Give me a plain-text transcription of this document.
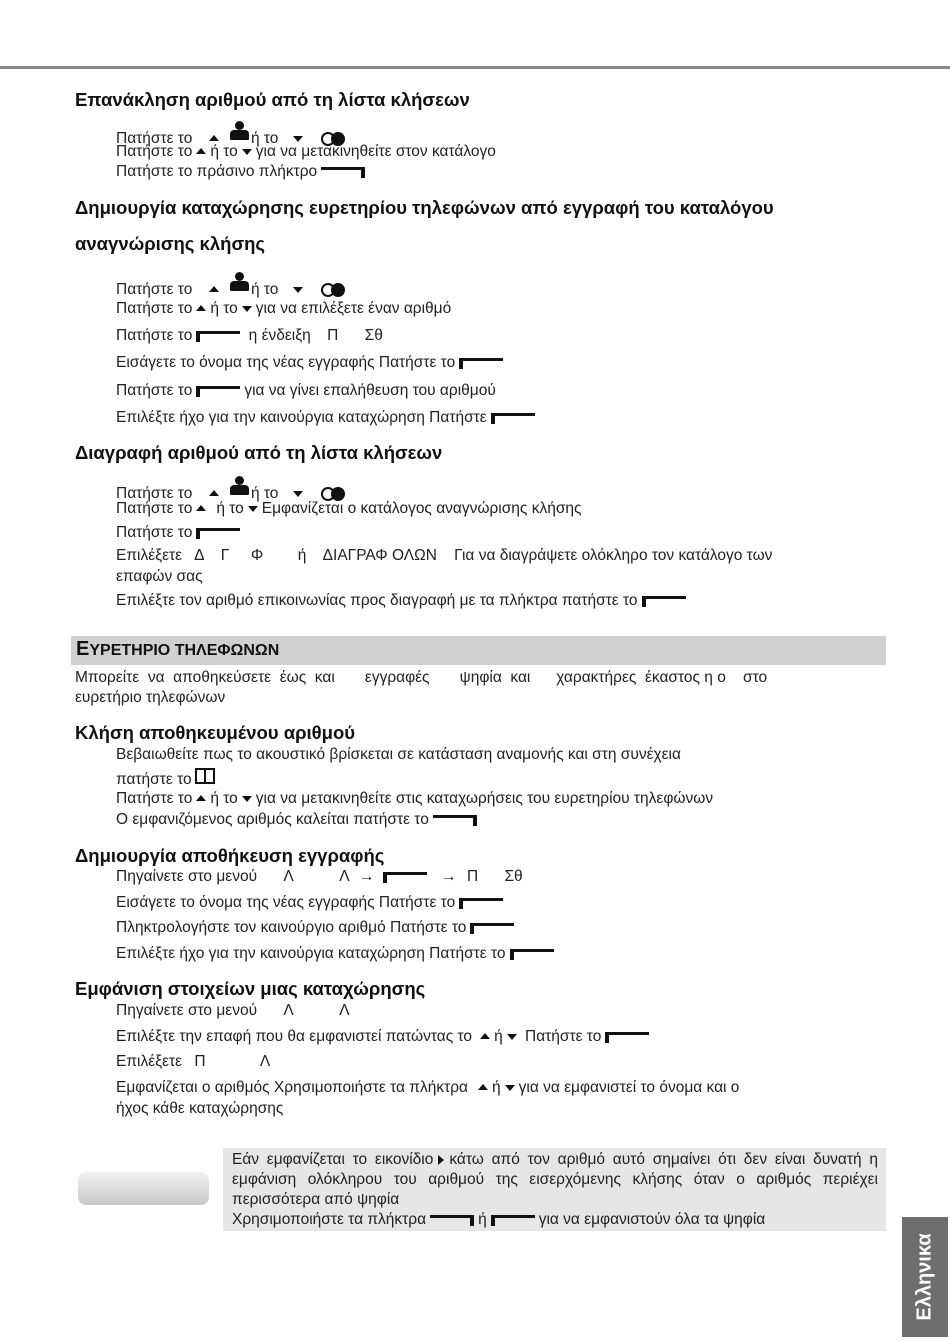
Επανάκληση αριθμού από τη λίστα κλήσεων
Πατήστε το	ή το
Πατήστε το ή το για να μετακινηθείτε στον κατάλογο
Πατήστε το πράσινο πλήκτρο
Δημιουργία καταχώρησης ευρετηρίου τηλεφώνων από εγγραφή του καταλόγου
αναγνώρισης κλήσης
Πατήστε το	ή το
Πατήστε το ή το για να επιλέξετε έναν αριθμό
Πατήστε το	η ένδειξη Π Σθ
Εισάγετε το όνομα της νέας εγγραφής Πατήστε το
Πατήστε το	για να γίνει επαλήθευση του αριθμού
Επιλέξτε ήχο για την καινούργια καταχώρηση Πατήστε
Διαγραφή αριθμού από τη λίστα κλήσεων
Πατήστε το	ή το
Πατήστε το ή το Εμφανίζεται ο κατάλογος αναγνώρισης κλήσης
Πατήστε το
Επιλέξετε   Δ    Γ     Φ        ή    ΔΙΑΓΡΑΦ ΟΛΩΝ    Για να διαγράψετε ολόκληρο τον κατάλογο των
επαφών σας
Επιλέξτε τον αριθμό επικοινωνίας προς διαγραφή με τα πλήκτρα πατήστε το
ΕΥΡΕΤΗΡΙΟ ΤΗΛΕΦΩΝΩΝ
Μπορείτε  να  αποθηκεύσετε  έως  και       εγγραφές       ψηφία  και      χαρακτήρες  έκαστος η ο    στο
ευρετήριο τηλεφώνων
Κλήση αποθηκευμένου αριθμού
Βεβαιωθείτε πως το ακουστικό βρίσκεται σε κατάσταση αναμονής και στη συνέχεια
πατήστε το
Πατήστε το ή το για να μετακινηθείτε στις καταχωρήσεις του ευρετηρίου τηλεφώνων
Ο εμφανιζόμενος αριθμός καλείται πατήστε το
Δημιουργία αποθήκευση εγγραφής
Πηγαίνετε στο μενού Λ	Λ →	→ Π Σθ
Εισάγετε το όνομα της νέας εγγραφής Πατήστε το
Πληκτρολογήστε τον καινούργιο αριθμό Πατήστε το
Επιλέξτε ήχο για την καινούργια καταχώρηση Πατήστε το
Εμφάνιση στοιχείων μιας καταχώρησης
Πηγαίνετε στο μενού Λ	Λ
Επιλέξτε την επαφή που θα εμφανιστεί πατώντας το ή Πατήστε το
Επιλέξετε Π	Λ
Εμφανίζεται ο αριθμός Χρησιμοποιήστε τα πλήκτρα ή για να εμφανιστεί το όνομα και ο
ήχος κάθε καταχώρησης
Εάν εμφανίζεται το εικονίδιο κάτω από τον αριθμό αυτό σημαίνει ότι δεν είναι δυνατή η εμφάνιση ολόκληρου του αριθμού της εισερχόμενης κλήσης όταν ο αριθμός περιέχει περισσότερα από ψηφία
Χρησιμοποιήστε τα πλήκτρα	ή	για να εμφανιστούν όλα τα ψηφία
Ελληνικα
